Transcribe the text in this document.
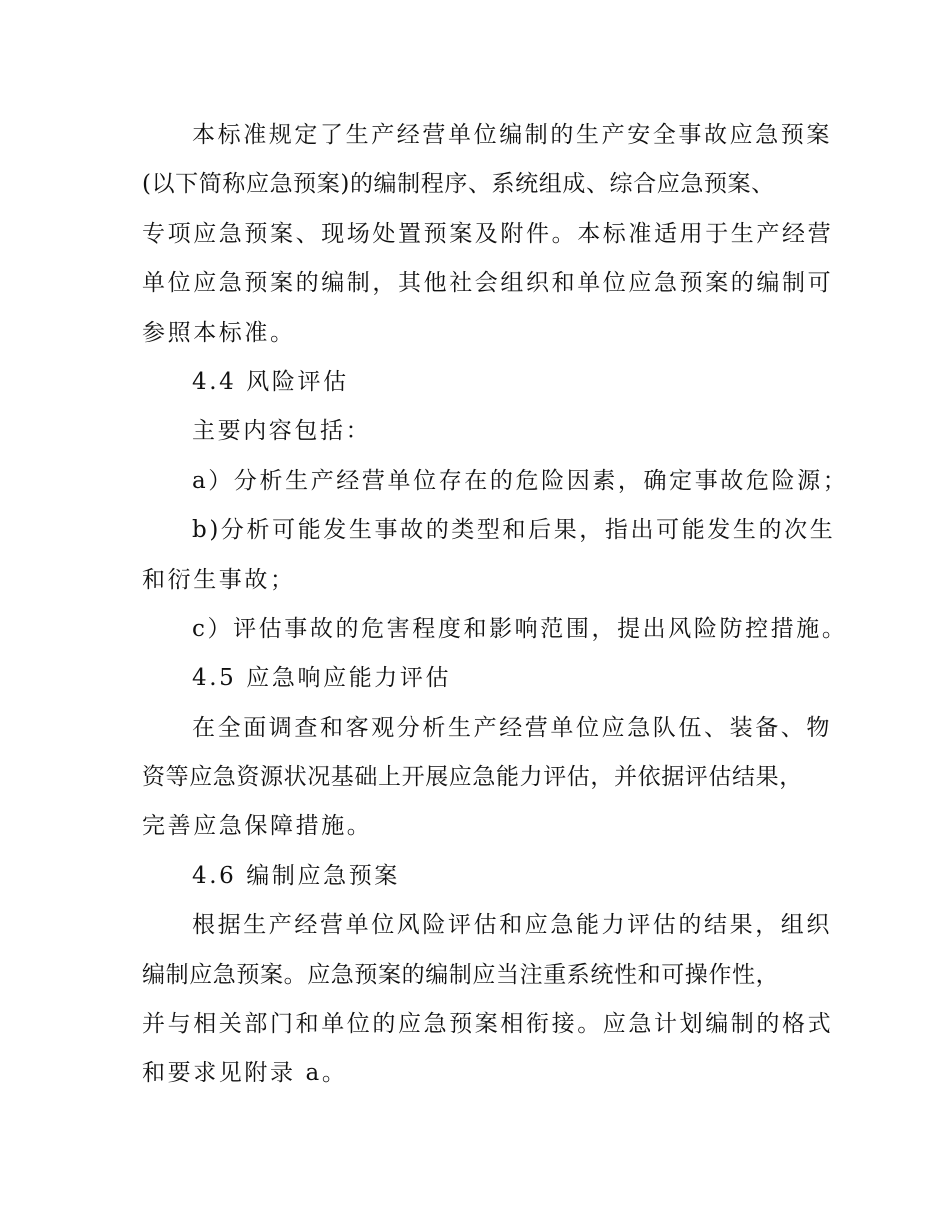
本标准规定了生产经营单位编制的生产安全事故应急预案
(以下简称应急预案)的编制程序、系统组成、综合应急预案、
专项应急预案、现场处置预案及附件。本标准适用于生产经营
单位应急预案的编制，其他社会组织和单位应急预案的编制可
参照本标准。
4.4 风险评估
主要内容包括：
a）分析生产经营单位存在的危险因素，确定事故危险源；
b)分析可能发生事故的类型和后果，指出可能发生的次生
和衍生事故；
c）评估事故的危害程度和影响范围，提出风险防控措施。
4.5 应急响应能力评估
在全面调查和客观分析生产经营单位应急队伍、装备、物
资等应急资源状况基础上开展应急能力评估，并依据评估结果，
完善应急保障措施。
4.6 编制应急预案
根据生产经营单位风险评估和应急能力评估的结果，组织
编制应急预案。应急预案的编制应当注重系统性和可操作性，
并与相关部门和单位的应急预案相衔接。应急计划编制的格式
和要求见附录 a。
